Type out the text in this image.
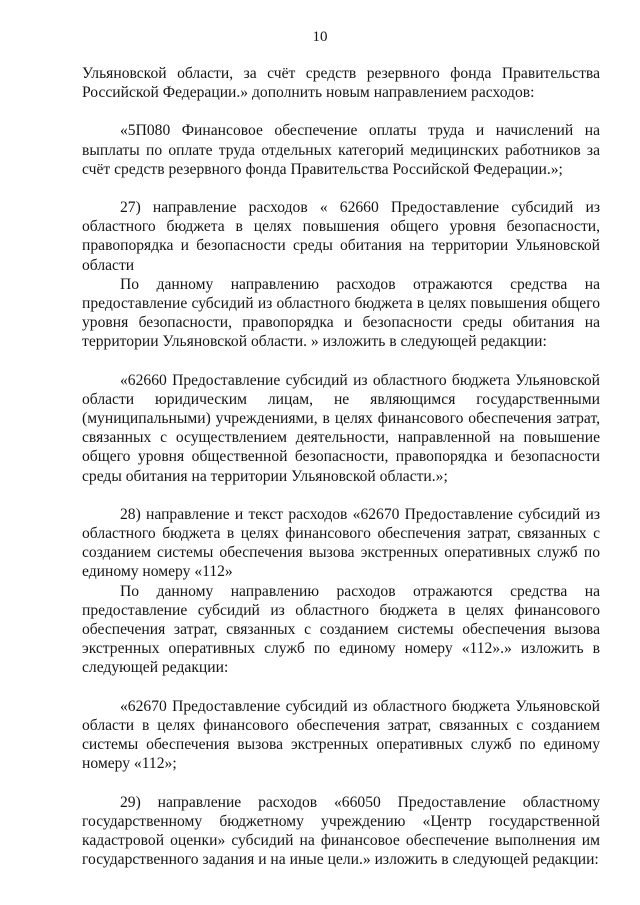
10

Ульяновской области, за счёт средств резервного фонда Правительства Российской Федерации.» дополнить новым направлением расходов:

«5П080 Финансовое обеспечение оплаты труда и начислений на выплаты по оплате труда отдельных категорий медицинских работников за счёт средств резервного фонда Правительства Российской Федерации.»;

27) направление расходов « 62660 Предоставление субсидий из областного бюджета в целях повышения общего уровня безопасности, правопорядка и безопасности среды обитания на территории Ульяновской области

По данному направлению расходов отражаются средства на предоставление субсидий из областного бюджета в целях повышения общего уровня безопасности, правопорядка и безопасности среды обитания на территории Ульяновской области. » изложить в следующей редакции:

«62660 Предоставление субсидий из областного бюджета Ульяновской области юридическим лицам, не являющимся государственными (муниципальными) учреждениями, в целях финансового обеспечения затрат, связанных с осуществлением деятельности, направленной на повышение общего уровня общественной безопасности, правопорядка и безопасности среды обитания на территории Ульяновской области.»;

28) направление и текст расходов «62670 Предоставление субсидий из областного бюджета в целях финансового обеспечения затрат, связанных с созданием системы обеспечения вызова экстренных оперативных служб по единому номеру «112»

По данному направлению расходов отражаются средства на предоставление субсидий из областного бюджета в целях финансового обеспечения затрат, связанных с созданием системы обеспечения вызова экстренных оперативных служб по единому номеру «112».» изложить в следующей редакции:

«62670 Предоставление субсидий из областного бюджета Ульяновской области в целях финансового обеспечения затрат, связанных с созданием системы обеспечения вызова экстренных оперативных служб по единому номеру «112»;

29) направление расходов «66050 Предоставление областному государственному бюджетному учреждению «Центр государственной кадастровой оценки» субсидий на финансовое обеспечение выполнения им государственного задания и на иные цели.» изложить в следующей редакции:
